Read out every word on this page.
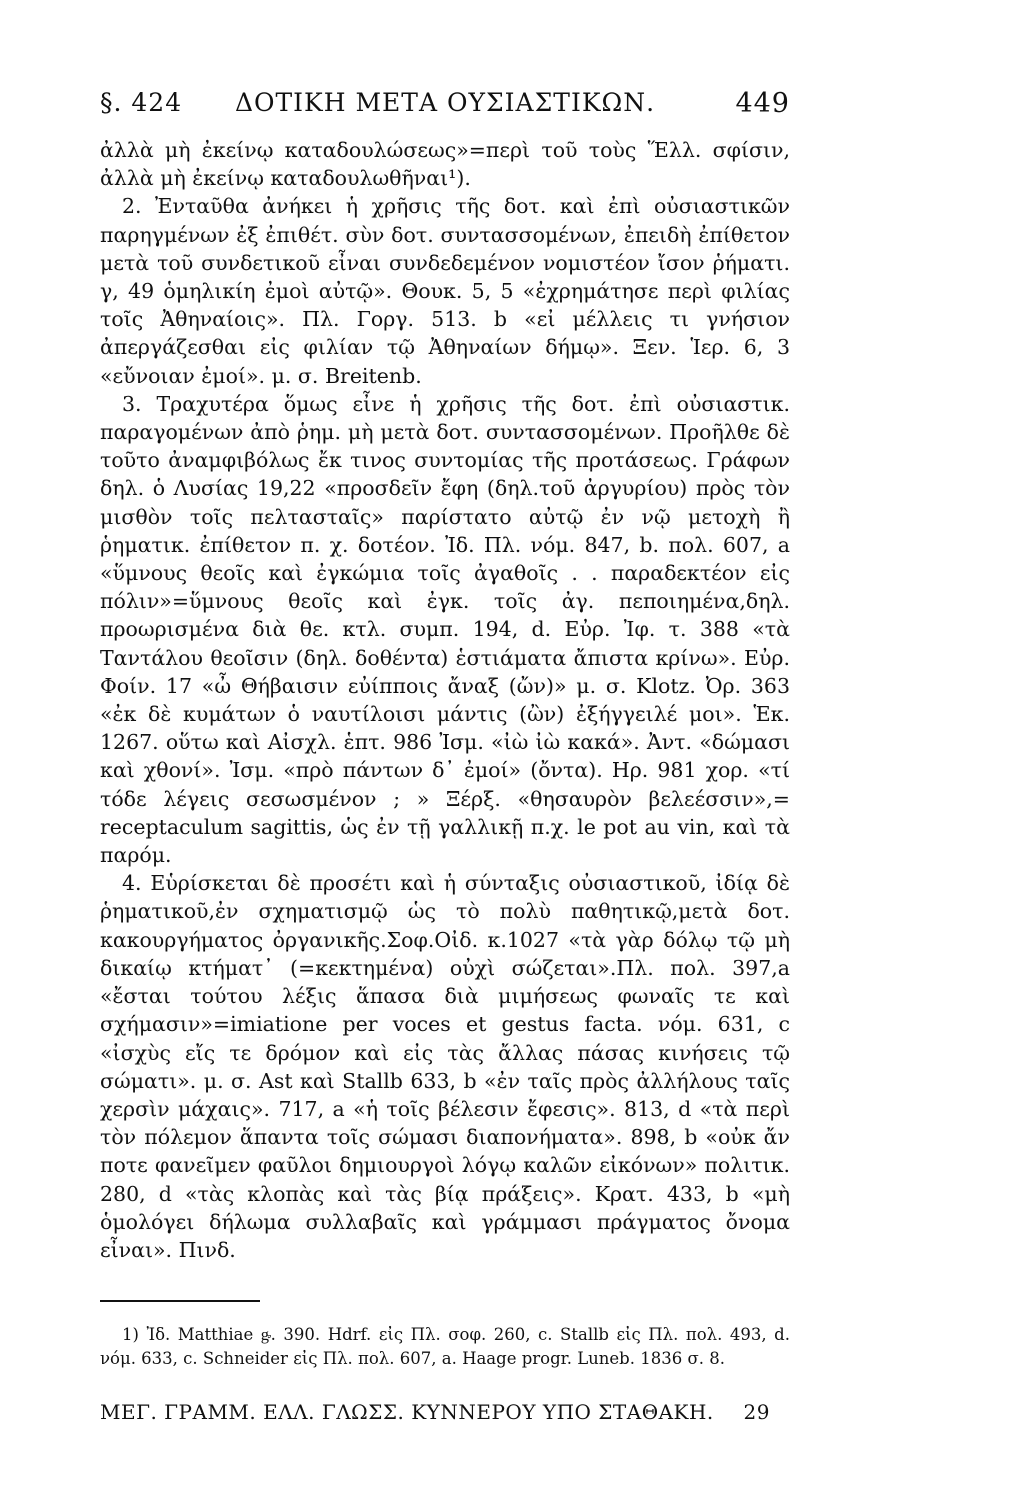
§. 424	ΔΟΤΙΚΗ ΜΕΤΑ ΟΥΣΙΑΣΤΙΚΩΝ.	449

ἀλλὰ μὴ ἐκείνῳ καταδουλώσεως»=περὶ τοῦ τοὺς Ἕλλ. σφίσιν, ἀλλὰ μὴ ἐκείνῳ καταδουλωθῆναι¹).

2. Ἐνταῦθα ἀνήκει ἡ χρῆσις τῆς δοτ. καὶ ἐπὶ οὐσιαστικῶν παρηγμένων ἐξ ἐπιθέτ. σὺν δοτ. συντασσομένων, ἐπειδὴ ἐπίθετον μετὰ τοῦ συνδετικοῦ εἶναι συνδεδεμένον νομιστέον ἴσον ῥήματι. γ, 49 ὁμηλικίη ἐμοὶ αὐτῷ». Θουκ. 5, 5 «ἐχρημάτησε περὶ φιλίας τοῖς Ἀθηναίοις». Πλ. Γοργ. 513. b «εἰ μέλλεις τι γνήσιον ἀπεργάζεσθαι εἰς φιλίαν τῷ Ἀθηναίων δήμῳ». Ξεν. Ἱερ. 6, 3 «εὔνοιαν ἐμοί». μ. σ. Breitenb.

3. Τραχυτέρα ὅμως εἶνε ἡ χρῆσις τῆς δοτ. ἐπὶ οὐσιαστικ. παραγομένων ἀπὸ ῥημ. μὴ μετὰ δοτ. συντασσομένων. Προῆλθε δὲ τοῦτο ἀναμφιβόλως ἔκ τινος συντομίας τῆς προτάσεως. Γράφων δηλ. ὁ Λυσίας 19,22 «προσδεῖν ἔφη (δηλ.τοῦ ἀργυρίου) πρὸς τὸν μισθὸν τοῖς πελτασταῖς» παρίστατο αὐτῷ ἐν νῷ μετοχὴ ἢ ῥηματικ. ἐπίθετον π. χ. δοτέον. Ἰδ. Πλ. νόμ. 847, b. πολ. 607, a «ὕμνους θεοῖς καὶ ἐγκώμια τοῖς ἀγαθοῖς . . παραδεκτέον εἰς πόλιν»=ὕμνους θεοῖς καὶ ἐγκ. τοῖς ἀγ. πεποιημένα,δηλ. προωρισμένα διὰ θε. κτλ. συμπ. 194, d. Εὐρ. Ἰφ. τ. 388 «τὰ Ταντάλου θεοῖσιν (δηλ. δοθέντα) ἑστιάματα ἄπιστα κρίνω». Εὐρ. Φοίν. 17 «ὦ Θήβαισιν εὐίπποις ἄναξ (ὤν)» μ. σ. Klotz. Ὀρ. 363 «ἐκ δὲ κυμάτων ὁ ναυτίλοισι μάντις (ὢν) ἐξήγγειλέ μοι». Ἑκ. 1267. οὕτω καὶ Αἰσχλ. ἑπτ. 986 Ἰσμ. «ἰὼ ἰὼ κακά». Ἀντ. «δώμασι καὶ χθονί». Ἰσμ. «πρὸ πάντων δ᾽ ἐμοί» (ὄντα). Ηρ. 981 χορ. «τί τόδε λέγεις σεσωσμένον ; » Ξέρξ. «θησαυρὸν βελεέσσιν»,= receptaculum sagittis, ὡς ἐν τῇ γαλλικῇ π.χ. le pot au vin, καὶ τὰ παρόμ.

4. Εὑρίσκεται δὲ προσέτι καὶ ἡ σύνταξις οὐσιαστικοῦ, ἰδίᾳ δὲ ῥηματικοῦ,ἐν σχηματισμῷ ὡς τὸ πολὺ παθητικῷ,μετὰ δοτ. κακουργήματος ὀργανικῆς.Σοφ.Οἰδ. κ.1027 «τὰ γὰρ δόλῳ τῷ μὴ δικαίῳ κτήματ᾽ (=κεκτημένα) οὐχὶ σώζεται».Πλ. πολ. 397,a «ἔσται τούτου λέξις ἅπασα διὰ μιμήσεως φωναῖς τε καὶ σχήμασιν»=imiatione per voces et gestus facta. νόμ. 631, c «ἰσχὺς εἴς τε δρόμον καὶ εἰς τὰς ἄλλας πάσας κινήσεις τῷ σώματι». μ. σ. Ast καὶ Stallb 633, b «ἐν ταῖς πρὸς ἀλλήλους ταῖς χερσὶν μάχαις». 717, a «ἡ τοῖς βέλεσιν ἔφεσις». 813, d «τὰ περὶ τὸν πόλεμον ἅπαντα τοῖς σώμασι διαπονήματα». 898, b «οὐκ ἄν ποτε φανεῖμεν φαῦλοι δημιουργοὶ λόγῳ καλῶν εἰκόνων» πολιτικ. 280, d «τὰς κλοπὰς καὶ τὰς βίᾳ πράξεις». Κρατ. 433, b «μὴ ὁμολόγει δήλωμα συλλαβαῖς καὶ γράμμασι πράγματος ὄνομα εἶναι». Πινδ.

1) Ἰδ. Matthiae ᶃ. 390. Hdrf. εἰς Πλ. σοφ. 260, c. Stallb εἰς Πλ. πολ. 493, d. νόμ. 633, c. Schneider εἰς Πλ. πολ. 607, a. Haage progr. Luneb. 1836 σ. 8.

ΜΕΓ. ΓΡΑΜΜ. ΕΛΛ. ΓΛΩΣΣ. ΚΥΝΝΕΡΟΥ ΥΠΟ ΣΤΑΘΑΚΗ. 29
